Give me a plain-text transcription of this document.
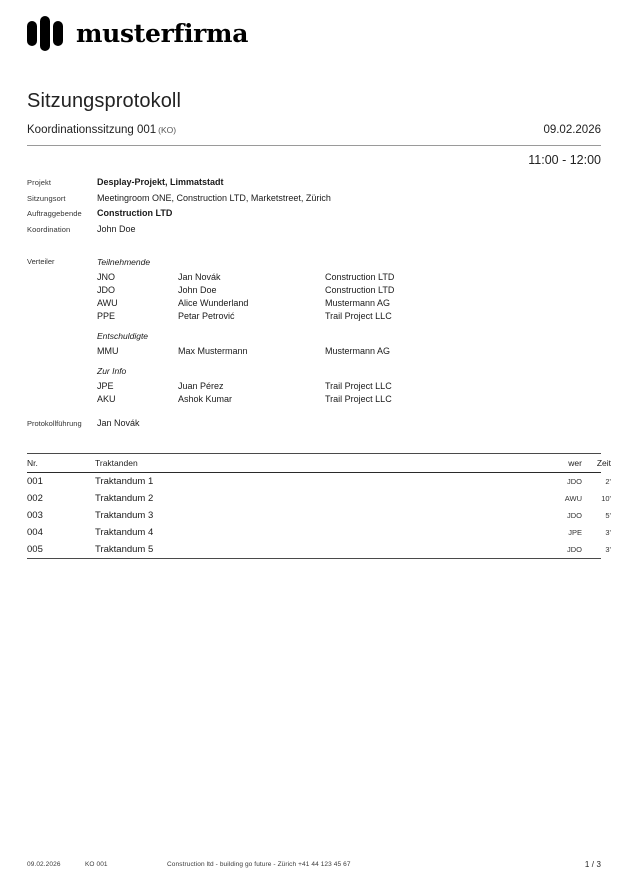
musterfirma
Sitzungsprotokoll
Koordinationssitzung 001 (KO)	09.02.2026
11:00 - 12:00
Projekt	Desplay-Projekt, Limmatstadt
Sitzungsort	Meetingroom ONE, Construction LTD, Marketstreet, Zürich
Auftraggebende	Construction LTD
Koordination	John Doe
Verteiler	Teilnehmende
JNO	Jan Novák	Construction LTD
JDO	John Doe	Construction LTD
AWU	Alice Wunderland	Mustermann AG
PPE	Petar Petrović	Trail Project LLC
Entschuldigte
MMU	Max Mustermann	Mustermann AG
Zur Info
JPE	Juan Pérez	Trail Project LLC
AKU	Ashok Kumar	Trail Project LLC
Protokollführung	Jan Novák
Nr.	Traktanden	wer	Zeit
001	Traktandum 1	JDO	2'
002	Traktandum 2	AWU	10'
003	Traktandum 3	JDO	5'
004	Traktandum 4	JPE	3'
005	Traktandum 5	JDO	3'
09.02.2026	KO 001	Construction ltd - building go future - Zürich +41 44 123 45 67	1 / 3
